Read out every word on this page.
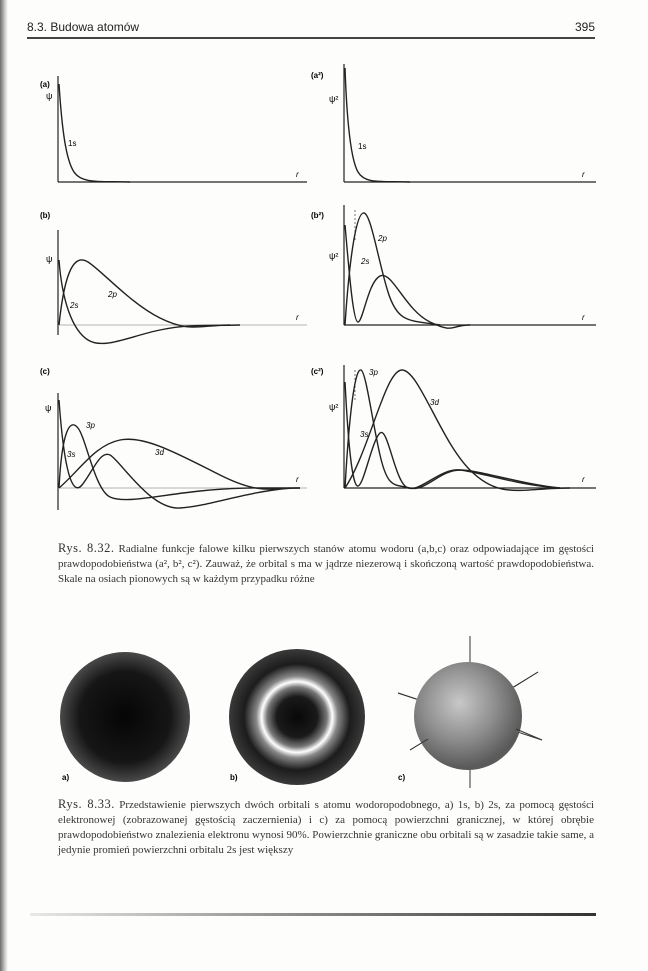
8.3. Budowa atomów	395
(a)
ψ
r
1s
(a²)
ψ²
r
1s
(b)
ψ
r
2p
2s
(b²)
ψ²
r
2p
2s
(c)
ψ
r
3p
3s	3d
(c²)
ψ²
r
3p
3d
3s
a)	b)	c)
Rys. 8.32. Radialne funkcje falowe kilku pierwszych stanów atomu wodoru (a,b,c) oraz odpowiadające im gęstości prawdopodobieństwa (a², b², c²). Zauważ, że orbital s ma w jądrze niezerową i skończoną wartość prawdopodobieństwa. Skale na osiach pionowych są w każdym przypadku różne
Rys. 8.33. Przedstawienie pierwszych dwóch orbitali s atomu wodoropodobnego, a) 1s, b) 2s, za pomocą gęstości elektronowej (zobrazowanej gęstością zaczernienia) i c) za pomocą powierzchni granicznej, w której obrębie prawdopodobieństwo znalezienia elektronu wynosi 90%. Powierzchnie graniczne obu orbitali są w zasadzie takie same, a jedynie promień powierzchni orbitalu 2s jest większy
